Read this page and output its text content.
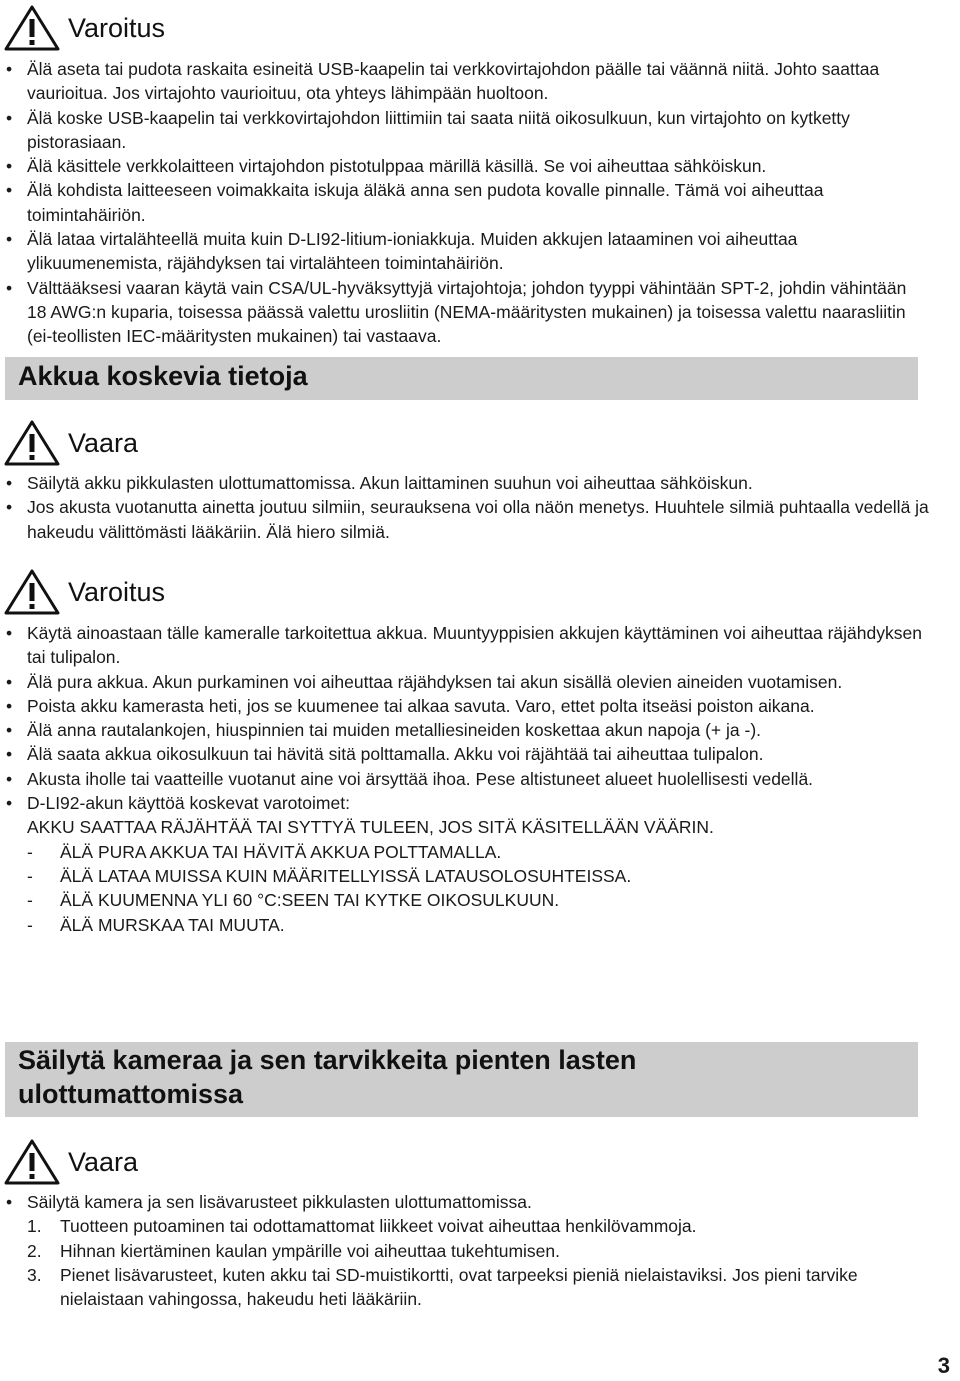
Varoitus
• Älä aseta tai pudota raskaita esineitä USB-kaapelin tai verkkovirtajohdon päälle tai väännä niitä. Johto saattaa vaurioitua. Jos virtajohto vaurioituu, ota yhteys lähimpään huoltoon.
• Älä koske USB-kaapelin tai verkkovirtajohdon liittimiin tai saata niitä oikosulkuun, kun virtajohto on kytketty pistorasiaan.
• Älä käsittele verkkolaitteen virtajohdon pistotulppaa märillä käsillä. Se voi aiheuttaa sähköiskun.
• Älä kohdista laitteeseen voimakkaita iskuja äläkä anna sen pudota kovalle pinnalle. Tämä voi aiheuttaa toimintahäiriön.
• Älä lataa virtalähteellä muita kuin D-LI92-litium-ioniakkuja. Muiden akkujen lataaminen voi aiheuttaa ylikuumenemista, räjähdyksen tai virtalähteen toimintahäiriön.
• Välttääksesi vaaran käytä vain CSA/UL-hyväksyttyjä virtajohtoja; johdon tyyppi vähintään SPT-2, johdin vähintään 18 AWG:n kuparia, toisessa päässä valettu urosliitin (NEMA-määritysten mukainen) ja toisessa valettu naarasliitin (ei-teollisten IEC-määritysten mukainen) tai vastaava.
Akkua koskevia tietoja
Vaara
• Säilytä akku pikkulasten ulottumattomissa. Akun laittaminen suuhun voi aiheuttaa sähköiskun.
• Jos akusta vuotanutta ainetta joutuu silmiin, seurauksena voi olla näön menetys. Huuhtele silmiä puhtaalla vedellä ja hakeudu välittömästi lääkäriin. Älä hiero silmiä.
Varoitus
• Käytä ainoastaan tälle kameralle tarkoitettua akkua. Muuntyyppisien akkujen käyttäminen voi aiheuttaa räjähdyksen tai tulipalon.
• Älä pura akkua. Akun purkaminen voi aiheuttaa räjähdyksen tai akun sisällä olevien aineiden vuotamisen.
• Poista akku kamerasta heti, jos se kuumenee tai alkaa savuta. Varo, ettet polta itseäsi poiston aikana.
• Älä anna rautalankojen, hiuspinnien tai muiden metalliesineiden koskettaa akun napoja (+ ja -).
• Älä saata akkua oikosulkuun tai hävitä sitä polttamalla. Akku voi räjähtää tai aiheuttaa tulipalon.
• Akusta iholle tai vaatteille vuotanut aine voi ärsyttää ihoa. Pese altistuneet alueet huolellisesti vedellä.
• D-LI92-akun käyttöä koskevat varotoimet:
AKKU SAATTAA RÄJÄHTÄÄ TAI SYTTYÄ TULEEN, JOS SITÄ KÄSITELLÄÄN VÄÄRIN.
- ÄLÄ PURA AKKUA TAI HÄVITÄ AKKUA POLTTAMALLA.
- ÄLÄ LATAA MUISSA KUIN MÄÄRITELLYISSÄ LATAUSOLOSUHTEISSA.
- ÄLÄ KUUMENNA YLI 60 °C:SEEN TAI KYTKE OIKOSULKUUN.
- ÄLÄ MURSKAA TAI MUUTA.
Säilytä kameraa ja sen tarvikkeita pienten lasten
ulottumattomissa
Vaara
• Säilytä kamera ja sen lisävarusteet pikkulasten ulottumattomissa.
1. Tuotteen putoaminen tai odottamattomat liikkeet voivat aiheuttaa henkilövammoja.
2. Hihnan kiertäminen kaulan ympärille voi aiheuttaa tukehtumisen.
3. Pienet lisävarusteet, kuten akku tai SD-muistikortti, ovat tarpeeksi pieniä nielaistaviksi. Jos pieni tarvike nielaistaan vahingossa, hakeudu heti lääkäriin.
3
